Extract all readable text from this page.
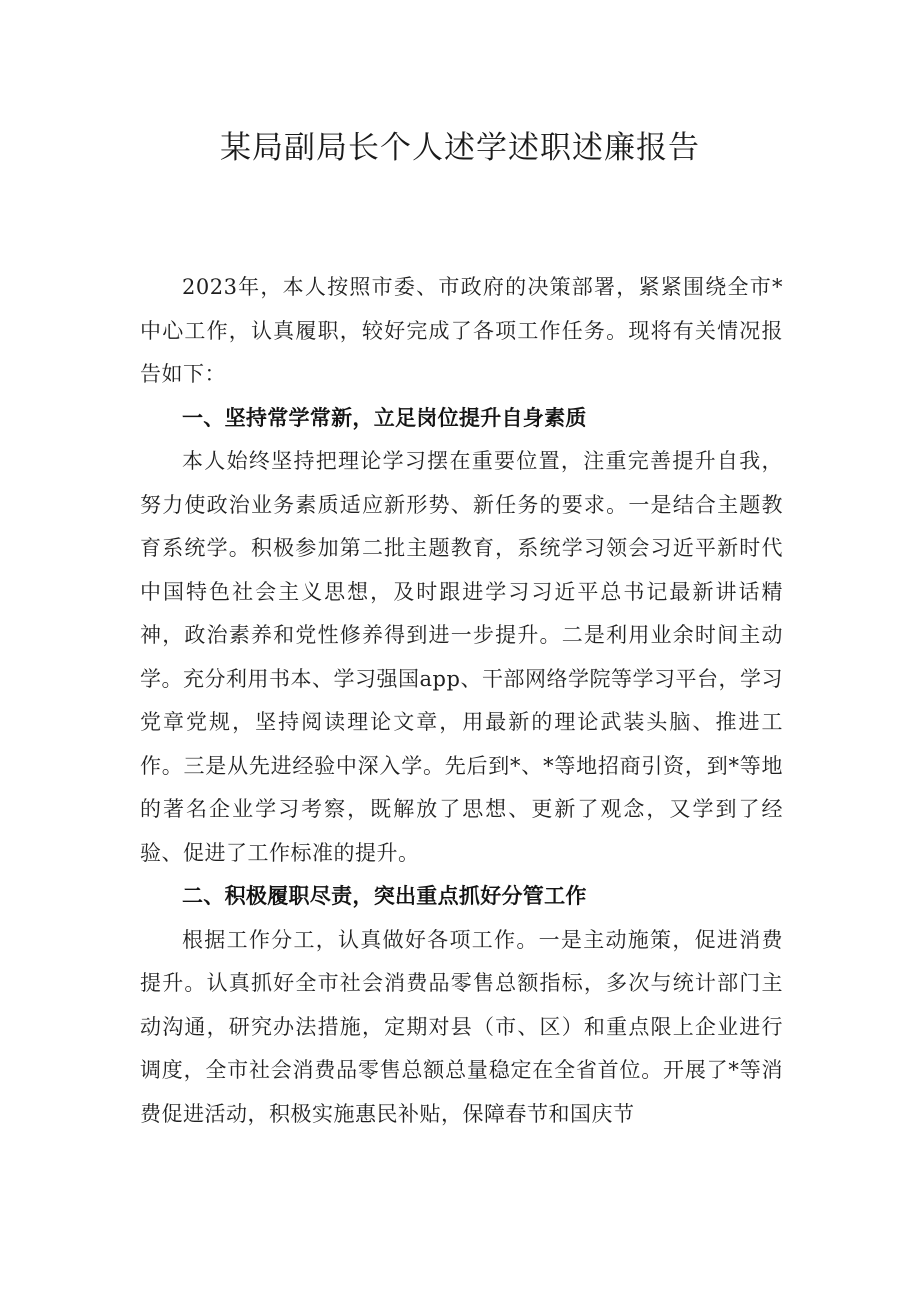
某局副局长个人述学述职述廉报告

2023年，本人按照市委、市政府的决策部署，紧紧围绕全市*中心工作，认真履职，较好完成了各项工作任务。现将有关情况报告如下：

一、坚持常学常新，立足岗位提升自身素质

本人始终坚持把理论学习摆在重要位置，注重完善提升自我，努力使政治业务素质适应新形势、新任务的要求。一是结合主题教育系统学。积极参加第二批主题教育，系统学习领会习近平新时代中国特色社会主义思想，及时跟进学习习近平总书记最新讲话精神，政治素养和党性修养得到进一步提升。二是利用业余时间主动学。充分利用书本、学习强国app、干部网络学院等学习平台，学习党章党规，坚持阅读理论文章，用最新的理论武装头脑、推进工作。三是从先进经验中深入学。先后到*、*等地招商引资，到*等地的著名企业学习考察，既解放了思想、更新了观念，又学到了经验、促进了工作标准的提升。

二、积极履职尽责，突出重点抓好分管工作

根据工作分工，认真做好各项工作。一是主动施策，促进消费提升。认真抓好全市社会消费品零售总额指标，多次与统计部门主动沟通，研究办法措施，定期对县（市、区）和重点限上企业进行调度，全市社会消费品零售总额总量稳定在全省首位。开展了*等消费促进活动，积极实施惠民补贴，保障春节和国庆节
